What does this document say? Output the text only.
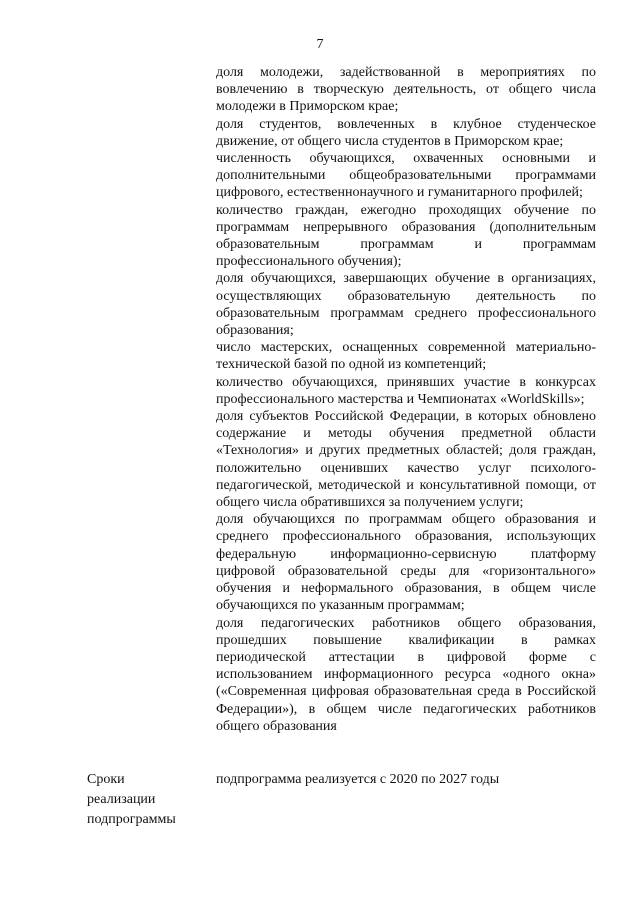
7
доля молодежи, задействованной в мероприятиях по вовлечению в творческую деятельность, от общего числа молодежи в Приморском крае;
доля студентов, вовлеченных в клубное студенческое движение, от общего числа студентов в Приморском крае;
численность обучающихся, охваченных основными и дополнительными общеобразовательными программами цифрового, естественнонаучного и гуманитарного профилей;
количество граждан, ежегодно проходящих обучение по программам непрерывного образования (дополнительным образовательным программам и программам профессионального обучения);
доля обучающихся, завершающих обучение в организациях, осуществляющих образовательную деятельность по образовательным программам среднего профессионального образования;
число мастерских, оснащенных современной материально-технической базой по одной из компетенций;
количество обучающихся, принявших участие в конкурсах профессионального мастерства и Чемпионатах «WorldSkills»;
доля субъектов Российской Федерации, в которых обновлено содержание и методы обучения предметной области «Технология» и других предметных областей; доля граждан, положительно оценивших качество услуг психолого-педагогической, методической и консультативной помощи, от общего числа обратившихся за получением услуги;
доля обучающихся по программам общего образования и среднего профессионального образования, использующих федеральную информационно-сервисную платформу цифровой образовательной среды для «горизонтального» обучения и неформального образования, в общем числе обучающихся по указанным программам;
доля педагогических работников общего образования, прошедших повышение квалификации в рамках периодической аттестации в цифровой форме с использованием информационного ресурса «одного окна» («Современная цифровая образовательная среда в Российской Федерации»), в общем числе педагогических работников общего образования
Сроки
реализации
подпрограммы
подпрограмма реализуется с 2020 по 2027 годы
